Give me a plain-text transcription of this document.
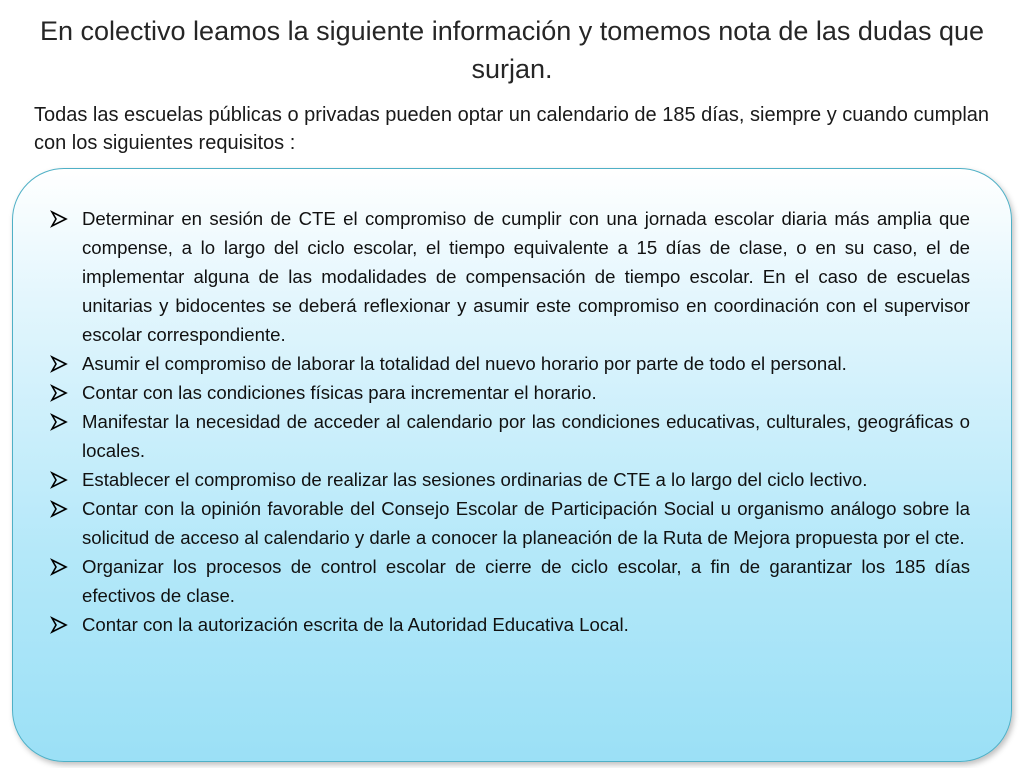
En colectivo leamos la siguiente información y tomemos nota de las dudas que surjan.

Todas las escuelas públicas o privadas pueden optar un calendario de 185 días, siempre y cuando cumplan con los siguientes requisitos :

Determinar en sesión de CTE el compromiso de cumplir con una jornada escolar diaria más amplia que compense, a lo largo del ciclo escolar, el tiempo equivalente a 15 días de clase, o en su caso, el de implementar alguna de las modalidades de compensación de tiempo escolar. En el caso de escuelas unitarias y bidocentes se deberá reflexionar y asumir este compromiso en coordinación con el supervisor escolar correspondiente.
Asumir el compromiso de laborar la totalidad del nuevo horario por parte de todo el personal.
Contar con las condiciones físicas para incrementar el horario.
Manifestar la necesidad de acceder al calendario por las condiciones educativas, culturales, geográficas o locales.
Establecer el compromiso de realizar las sesiones ordinarias de CTE a lo largo del ciclo lectivo.
Contar con la opinión favorable del Consejo Escolar de Participación Social u organismo análogo sobre la solicitud de acceso al calendario y darle a conocer la planeación de la Ruta de Mejora propuesta por el cte.
Organizar los procesos de control escolar de cierre de ciclo escolar, a fin de garantizar los 185 días efectivos de clase.
Contar con la autorización escrita de la Autoridad Educativa Local.
